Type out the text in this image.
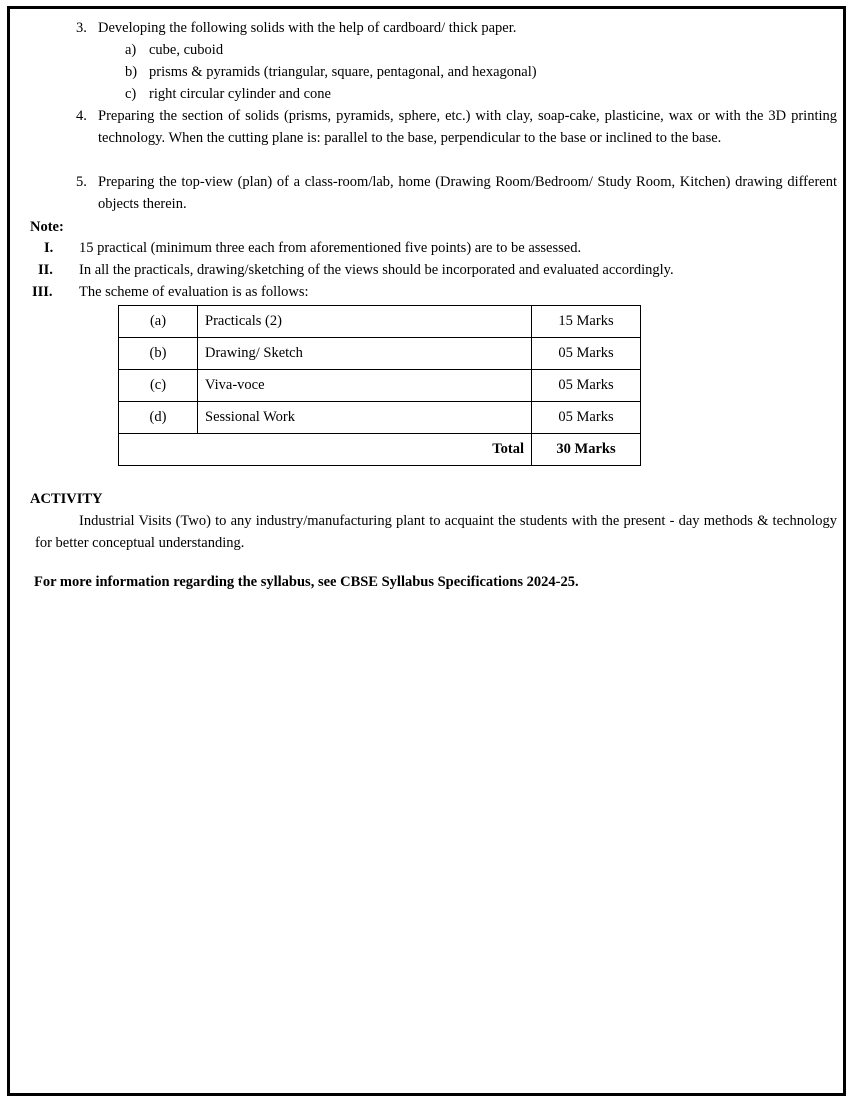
3. Developing the following solids with the help of cardboard/ thick paper.
a) cube, cuboid
b) prisms & pyramids (triangular, square, pentagonal, and hexagonal)
c) right circular cylinder and cone
4. Preparing the section of solids (prisms, pyramids, sphere, etc.) with clay, soap-cake, plasticine, wax or with the 3D printing technology. When the cutting plane is: parallel to the base, perpendicular to the base or inclined to the base.
5. Preparing the top-view (plan) of a class-room/lab, home (Drawing Room/Bedroom/ Study Room, Kitchen) drawing different objects therein.
Note:
I. 15 practical (minimum three each from aforementioned five points) are to be assessed.
II. In all the practicals, drawing/sketching of the views should be incorporated and evaluated accordingly.
III. The scheme of evaluation is as follows:
(a)	Practicals (2)	15 Marks
(b)	Drawing/ Sketch	05 Marks
(c)	Viva-voce	05 Marks
(d)	Sessional Work	05 Marks
Total		30 Marks
ACTIVITY
Industrial Visits (Two) to any industry/manufacturing plant to acquaint the students with the present - day methods & technology for better conceptual understanding.
For more information regarding the syllabus, see CBSE Syllabus Specifications 2024-25.
